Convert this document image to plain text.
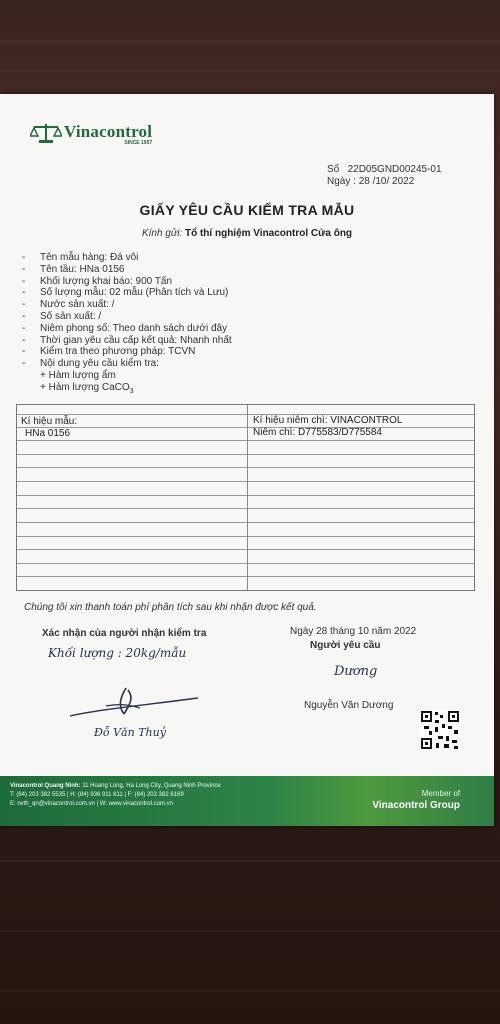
Vinacontrol
SINCE 1957
Số 22D05GND00245-01
Ngày : 28 /10/ 2022
GIẤY YÊU CẦU KIỂM TRA MẪU
Kính gửi: Tổ thí nghiệm Vinacontrol Cửa ông
-	Tên mẫu hàng: Đá vôi
-	Tên tầu: HNa 0156
-	Khối lượng khai báo: 900 Tấn
-	Số lượng mẫu: 02 mẫu (Phân tích và Lưu)
-	Nước sản xuất: /
-	Số sản xuất: /
-	Niêm phong số: Theo danh sách dưới đây
-	Thời gian yêu cầu cấp kết quả: Nhanh nhất
-	Kiểm tra theo phương pháp: TCVN
-	Nội dung yêu cầu kiểm tra:
+ Hàm lượng ẩm
+ Hàm lượng CaCO$_3$
Kí hiệu mẫu:
HNa 0156
Kí hiệu niêm chì: VINACONTROL
Niêm chì: D775583/D775584
Chúng tôi xin thanh toán phí phân tích sau khi nhận được kết quả.
Xác nhận của người nhận kiểm tra	Ngày 28 tháng 10 năm 2022
Người yêu cầu
Khối lượng : 20kg/mẫu
Đỗ Văn Thuỷ
Dương
Nguyễn Văn Dương
Vinacontrol Quang Ninh: 11 Hoang Long, Ha Long City, Quang Ninh Province
T: (84) 203 382 5535 | H: (84) 936 911 811 | F: (84) 203 382 6169
E: nvth_qn@vinacontrol.com.vn | W: www.vinacontrol.com.vn
Member of
Vinacontrol Group
